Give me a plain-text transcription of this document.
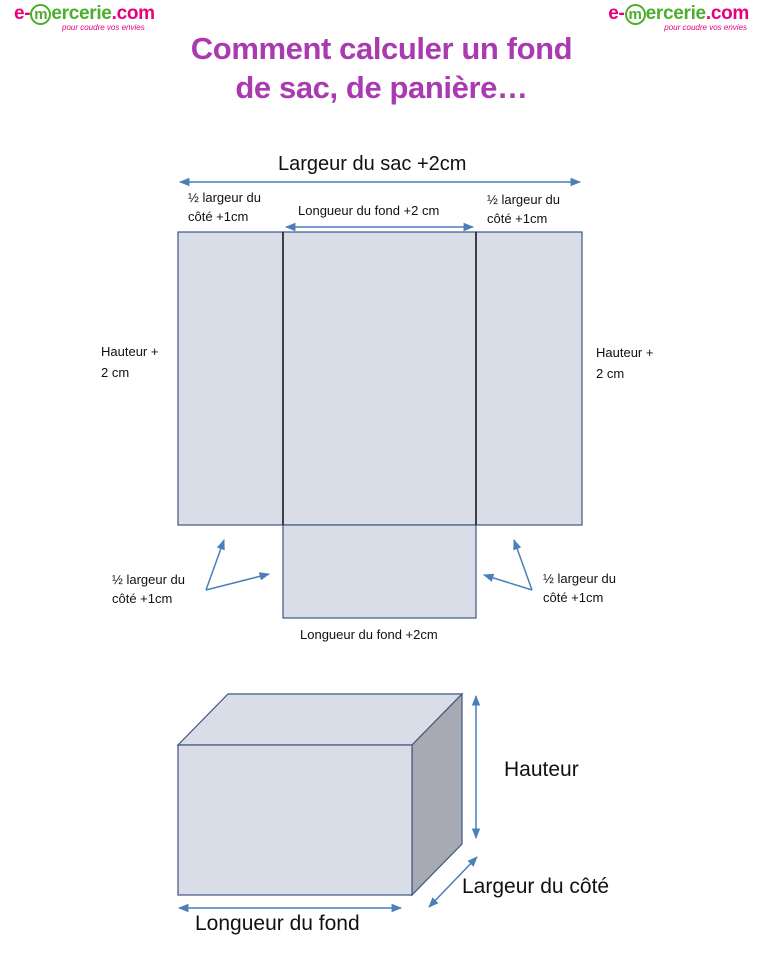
e- m ercerie.com
pour coudre vos envies
e- m ercerie.com
pour coudre vos envies
Comment calculer un fond
de sac, de panière…
Largeur du sac +2cm
½ largeur du
côté +1cm	Longueur du fond +2 cm
½ largeur du
côté +1cm
Hauteur +
2 cm
Hauteur +
2 cm
½ largeur du
côté +1cm
½ largeur du
côté +1cm
Longueur du fond +2cm
Hauteur
Largeur du côté
Longueur du fond
